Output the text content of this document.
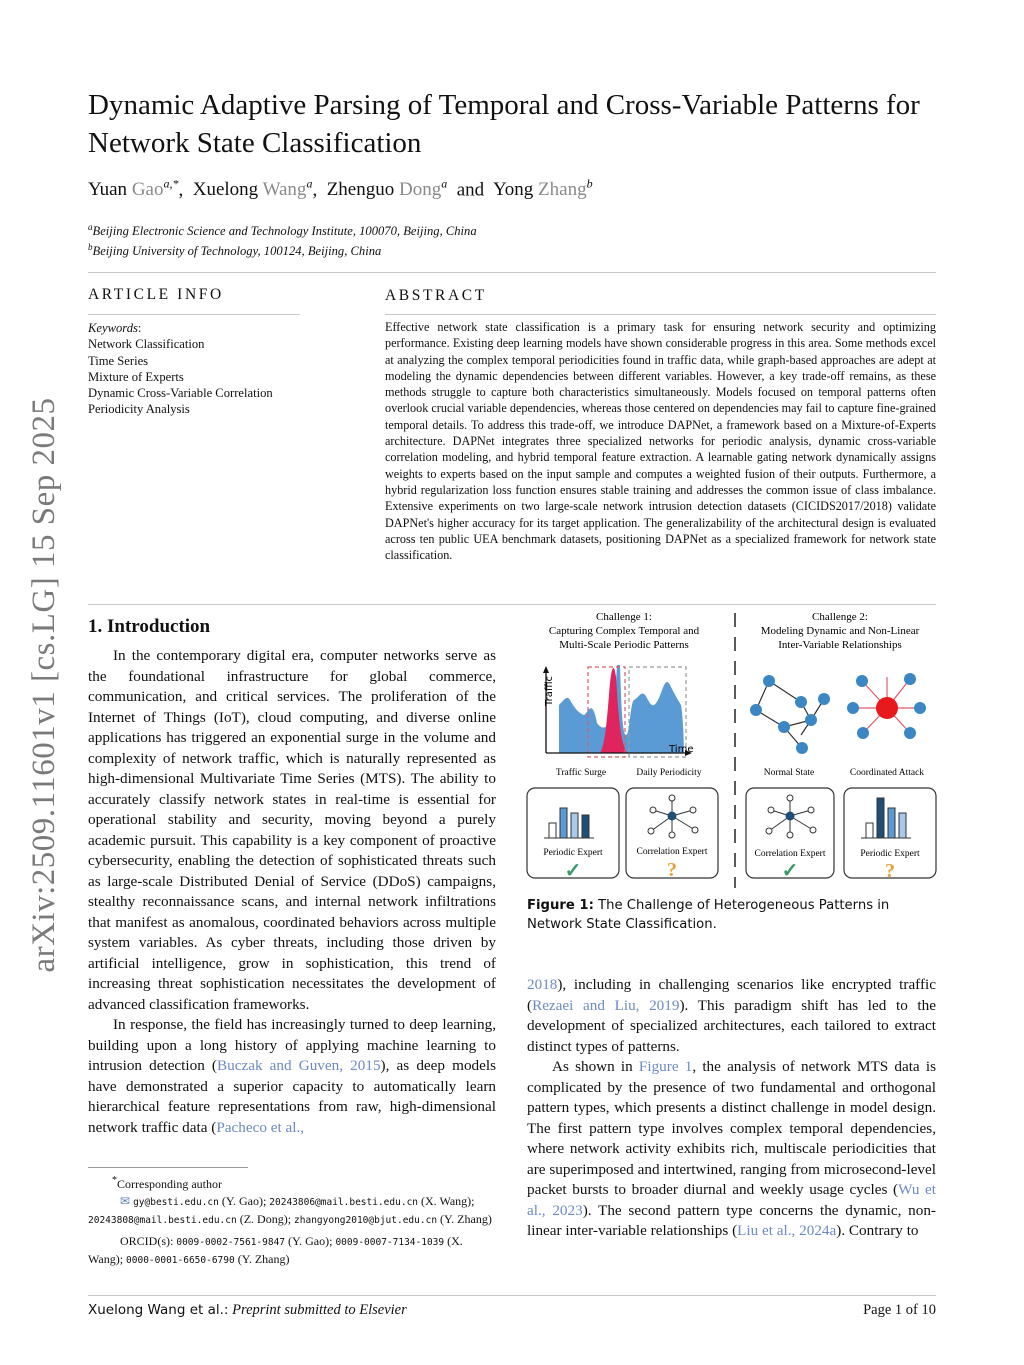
arXiv:2509.11601v1 [cs.LG] 15 Sep 2025
Dynamic Adaptive Parsing of Temporal and Cross-Variable Patterns for Network State Classification
Yuan Gao$^{a,*}$,  Xuelong Wang$^a$,  Zhenguo Dong$^a$ and Yong Zhang$^b$
$^a$Beijing Electronic Science and Technology Institute, 100070, Beijing, China
$^b$Beijing University of Technology, 100124, Beijing, China
ARTICLE INFO
Keywords:
Network Classification
Time Series
Mixture of Experts
Dynamic Cross-Variable Correlation
Periodicity Analysis
ABSTRACT
Effective network state classification is a primary task for ensuring network security and optimizing performance. Existing deep learning models have shown considerable progress in this area. Some methods excel at analyzing the complex temporal periodicities found in traffic data, while graph-based approaches are adept at modeling the dynamic dependencies between different variables. However, a key trade-off remains, as these methods struggle to capture both characteristics simultaneously. Models focused on temporal patterns often overlook crucial variable dependencies, whereas those centered on dependencies may fail to capture fine-grained temporal details. To address this trade-off, we introduce DAPNet, a framework based on a Mixture-of-Experts architecture. DAPNet integrates three specialized networks for periodic analysis, dynamic cross-variable correlation modeling, and hybrid temporal feature extraction. A learnable gating network dynamically assigns weights to experts based on the input sample and computes a weighted fusion of their outputs. Furthermore, a hybrid regularization loss function ensures stable training and addresses the common issue of class imbalance. Extensive experiments on two large-scale network intrusion detection datasets (CICIDS2017/2018) validate DAPNet's higher accuracy for its target application. The generalizability of the architectural design is evaluated across ten public UEA benchmark datasets, positioning DAPNet as a specialized framework for network state classification.
1. Introduction

In the contemporary digital era, computer networks serve as the foundational infrastructure for global commerce, communication, and critical services. The proliferation of the Internet of Things (IoT), cloud computing, and diverse online applications has triggered an exponential surge in the volume and complexity of network traffic, which is naturally represented as high-dimensional Multivariate Time Series (MTS). The ability to accurately classify network states in real-time is essential for operational stability and security, moving beyond a purely academic pursuit. This capability is a key component of proactive cybersecurity, enabling the detection of sophisticated threats such as large-scale Distributed Denial of Service (DDoS) campaigns, stealthy reconnaissance scans, and internal network infiltrations that manifest as anomalous, coordinated behaviors across multiple system variables. As cyber threats, including those driven by artificial intelligence, grow in sophistication, this trend of increasing threat sophistication necessitates the development of advanced classification frameworks.

In response, the field has increasingly turned to deep learning, building upon a long history of applying machine learning to intrusion detection (Buczak and Guven, 2015), as deep models have demonstrated a superior capacity to automatically learn hierarchical feature representations from raw, high-dimensional network traffic data (Pacheco et al.,

*Corresponding author
✉ gy@besti.edu.cn (Y. Gao); 20243806@mail.besti.edu.cn (X. Wang); 20243808@mail.besti.edu.cn (Z. Dong); zhangyong2010@bjut.edu.cn (Y. Zhang)
ORCID(s): 0009-0002-7561-9847 (Y. Gao); 0009-0007-7134-1039 (X. Wang); 0000-0001-6650-6790 (Y. Zhang)
Challenge 1:
Capturing Complex Temporal and
Multi-Scale Periodic Patterns
Challenge 2:
Modeling Dynamic and Non-Linear
Inter-Variable Relationships
Traffic
Time
Traffic Surge	Daily Periodicity	Normal State	Coordinated Attack
Periodic Expert
✓
Correlation Expert
?
Correlation Expert
✓
Periodic Expert
?
Figure 1: The Challenge of Heterogeneous Patterns in Network State Classification.

2018), including in challenging scenarios like encrypted traffic (Rezaei and Liu, 2019). This paradigm shift has led to the development of specialized architectures, each tailored to extract distinct types of patterns.

As shown in Figure 1, the analysis of network MTS data is complicated by the presence of two fundamental and orthogonal pattern types, which presents a distinct challenge in model design. The first pattern type involves complex temporal dependencies, where network activity exhibits rich, multiscale periodicities that are superimposed and intertwined, ranging from microsecond-level packet bursts to broader diurnal and weekly usage cycles (Wu et al., 2023). The second pattern type concerns the dynamic, non-linear inter-variable relationships (Liu et al., 2024a). Contrary to

Xuelong Wang et al.: Preprint submitted to Elsevier	Page 1 of 10
